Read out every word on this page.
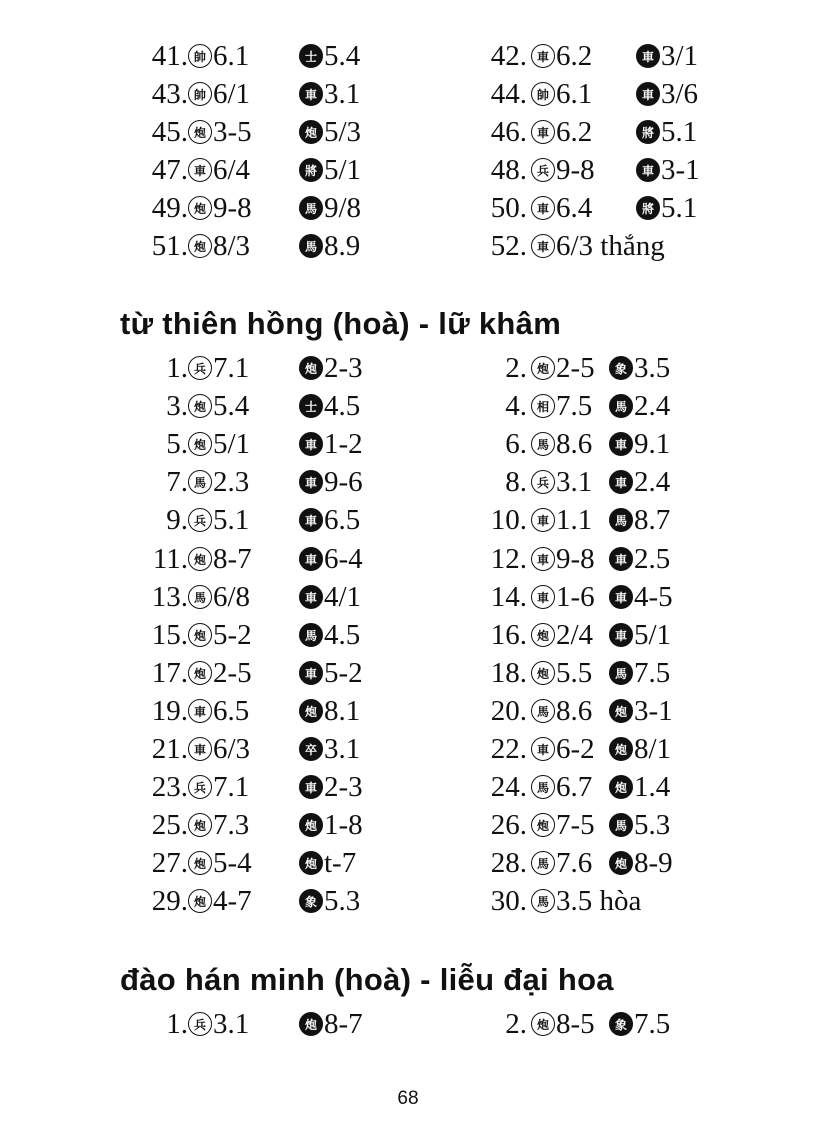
41. 帥 6.1	士 5.4	42. 車 6.2	車 3/1
43. 帥 6/1	車 3.1	44. 帥 6.1	車 3/6
45. 炮 3-5	炮 5/3	46. 車 6.2	將 5.1
47. 車 6/4	將 5/1	48. 兵 9-8	車 3-1
49. 炮 9-8	馬 9/8	50. 車 6.4	將 5.1
51. 炮 8/3	馬 8.9	52. 車 6/3 thắng
từ thiên hồng (hoà) - lữ khâm
1. 兵 7.1	炮 2-3	2. 炮 2-5	象 3.5
3. 炮 5.4	士 4.5	4. 相 7.5	馬 2.4
5. 炮 5/1	車 1-2	6. 馬 8.6	車 9.1
7. 馬 2.3	車 9-6	8. 兵 3.1	車 2.4
9. 兵 5.1	車 6.5	10. 車 1.1	馬 8.7
11. 炮 8-7	車 6-4	12. 車 9-8	車 2.5
13. 馬 6/8	車 4/1	14. 車 1-6	車 4-5
15. 炮 5-2	馬 4.5	16. 炮 2/4	車 5/1
17. 炮 2-5	車 5-2	18. 炮 5.5	馬 7.5
19. 車 6.5	炮 8.1	20. 馬 8.6	炮 3-1
21. 車 6/3	卒 3.1	22. 車 6-2	炮 8/1
23. 兵 7.1	車 2-3	24. 馬 6.7	炮 1.4
25. 炮 7.3	炮 1-8	26. 炮 7-5	馬 5.3
27. 炮 5-4	炮 t-7	28. 馬 7.6	炮 8-9
29. 炮 4-7	象 5.3	30. 馬 3.5 hòa
đào hán minh (hoà) - liễu đại hoa
1. 兵 3.1	炮 8-7	2. 炮 8-5	象 7.5
68
